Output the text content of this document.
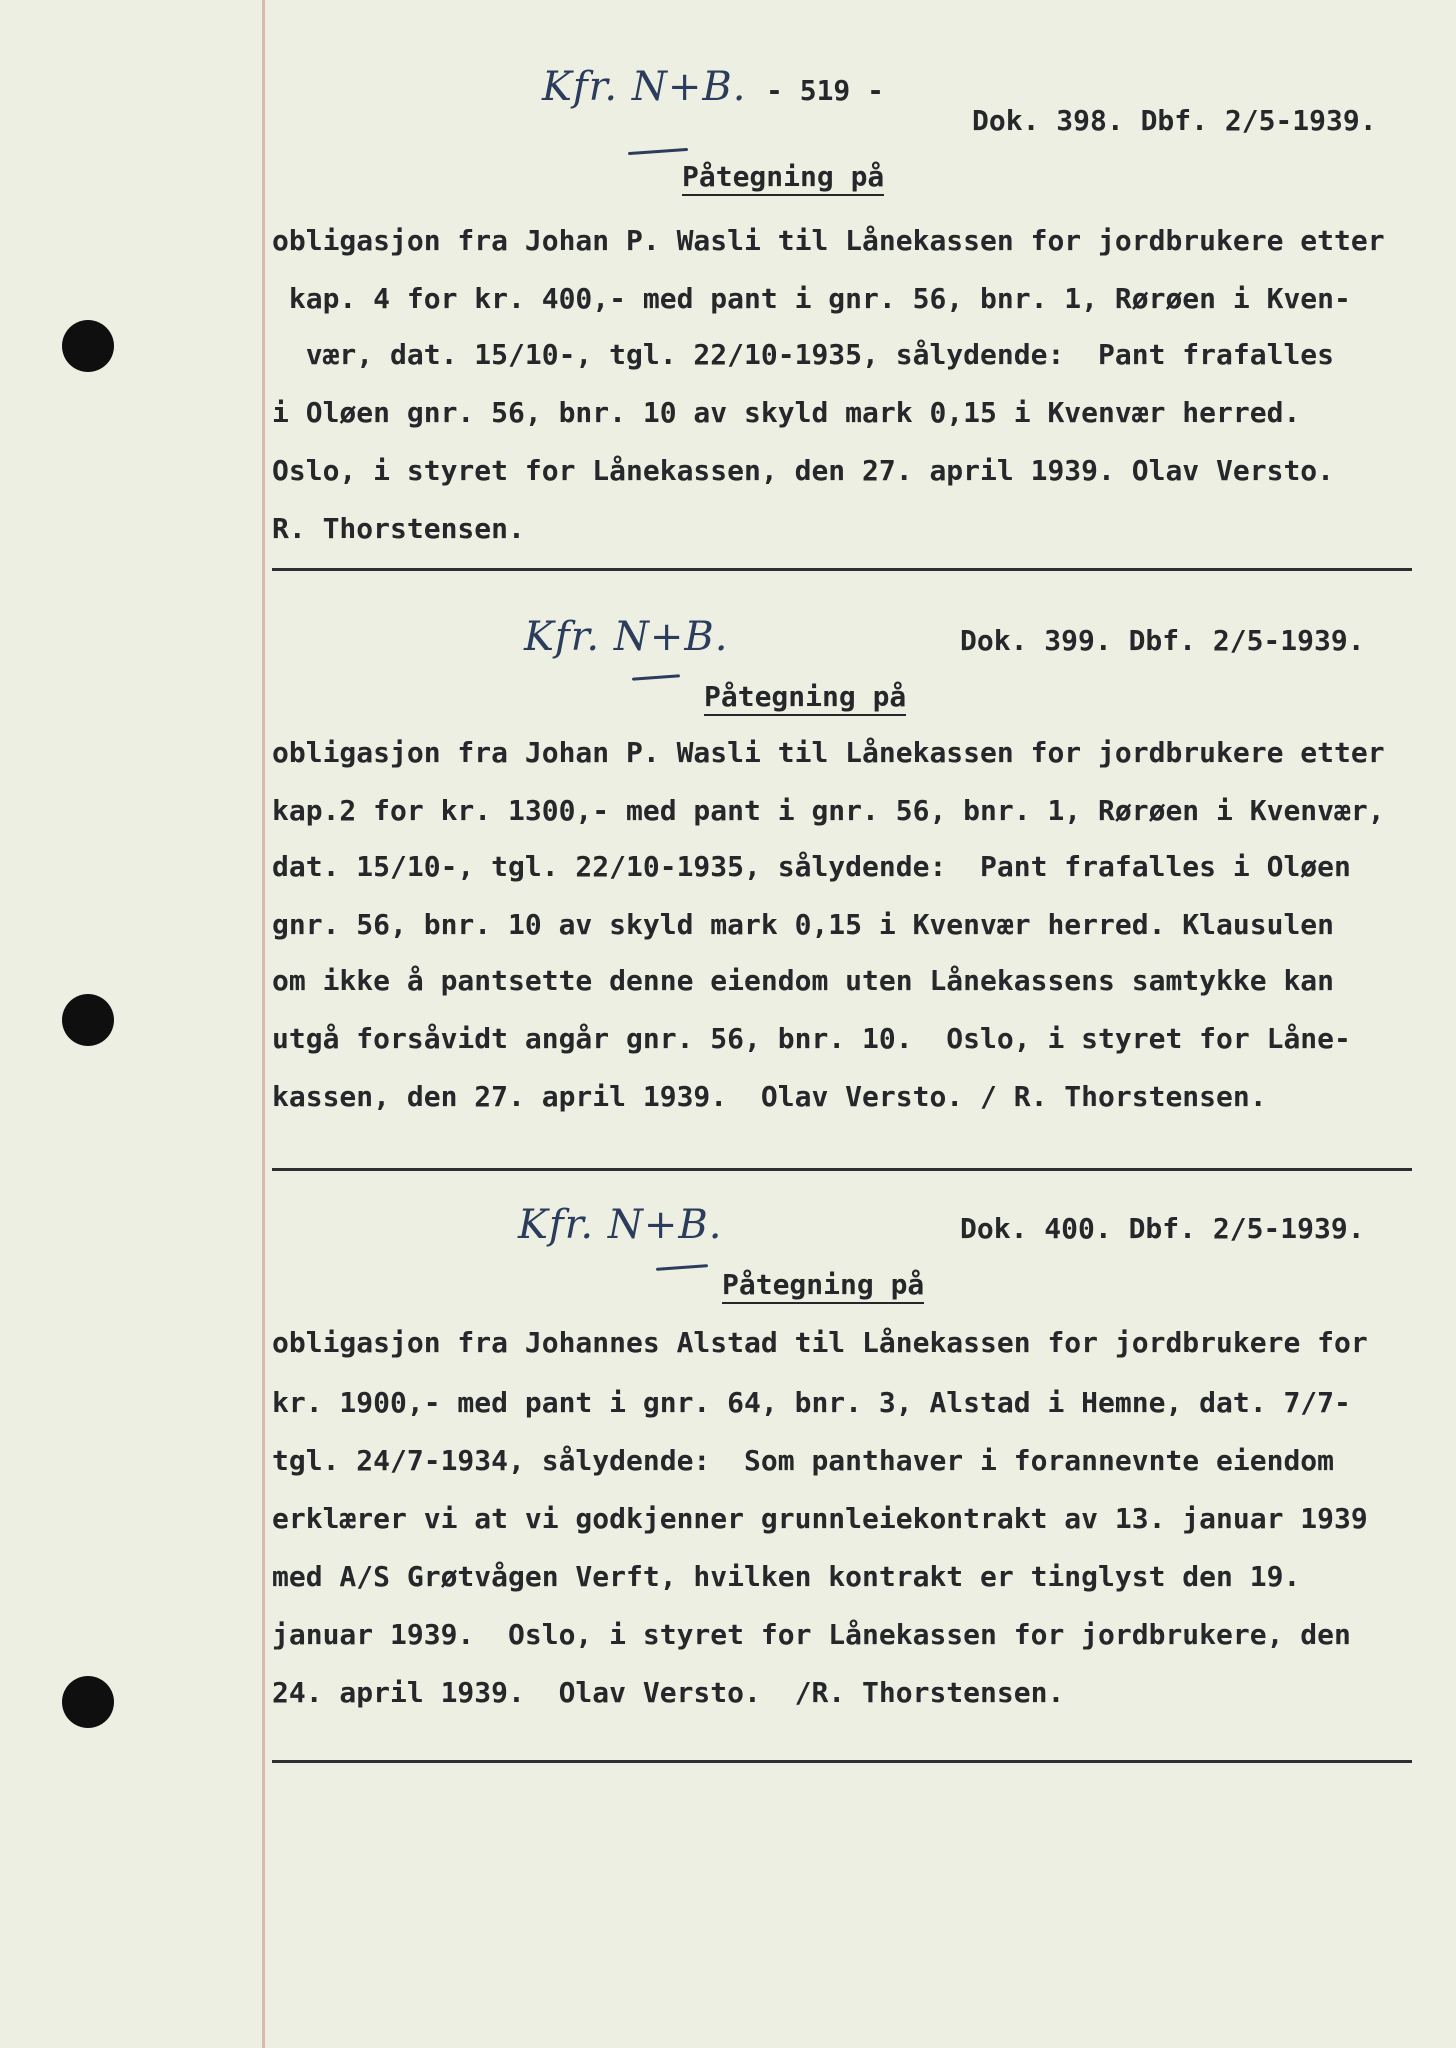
- 519 -
Kfr. N+B.
Dok. 398. Dbf. 2/5-1939.
Påtegning på
obligasjon fra Johan P. Wasli til Lånekassen for jordbrukere etter
kap. 4 for kr. 400,- med pant i gnr. 56, bnr. 1, Rørøen i Kven-
vær, dat. 15/10-, tgl. 22/10-1935, sålydende:  Pant frafalles
i Oløen gnr. 56, bnr. 10 av skyld mark 0,15 i Kvenvær herred.
Oslo, i styret for Lånekassen, den 27. april 1939. Olav Versto.
R. Thorstensen.
Kfr. N+B.	Dok. 399. Dbf. 2/5-1939.
Påtegning på
obligasjon fra Johan P. Wasli til Lånekassen for jordbrukere etter
kap.2 for kr. 1300,- med pant i gnr. 56, bnr. 1, Rørøen i Kvenvær,
dat. 15/10-, tgl. 22/10-1935, sålydende:  Pant frafalles i Oløen
gnr. 56, bnr. 10 av skyld mark 0,15 i Kvenvær herred. Klausulen
om ikke å pantsette denne eiendom uten Lånekassens samtykke kan
utgå forsåvidt angår gnr. 56, bnr. 10.  Oslo, i styret for Låne-
kassen, den 27. april 1939.  Olav Versto. / R. Thorstensen.
Kfr. N+B.	Dok. 400. Dbf. 2/5-1939.
Påtegning på
obligasjon fra Johannes Alstad til Lånekassen for jordbrukere for
kr. 1900,- med pant i gnr. 64, bnr. 3, Alstad i Hemne, dat. 7/7-
tgl. 24/7-1934, sålydende:  Som panthaver i forannevnte eiendom
erklærer vi at vi godkjenner grunnleiekontrakt av 13. januar 1939
med A/S Grøtvågen Verft, hvilken kontrakt er tinglyst den 19.
januar 1939.  Oslo, i styret for Lånekassen for jordbrukere, den
24. april 1939.  Olav Versto.  /R. Thorstensen.
